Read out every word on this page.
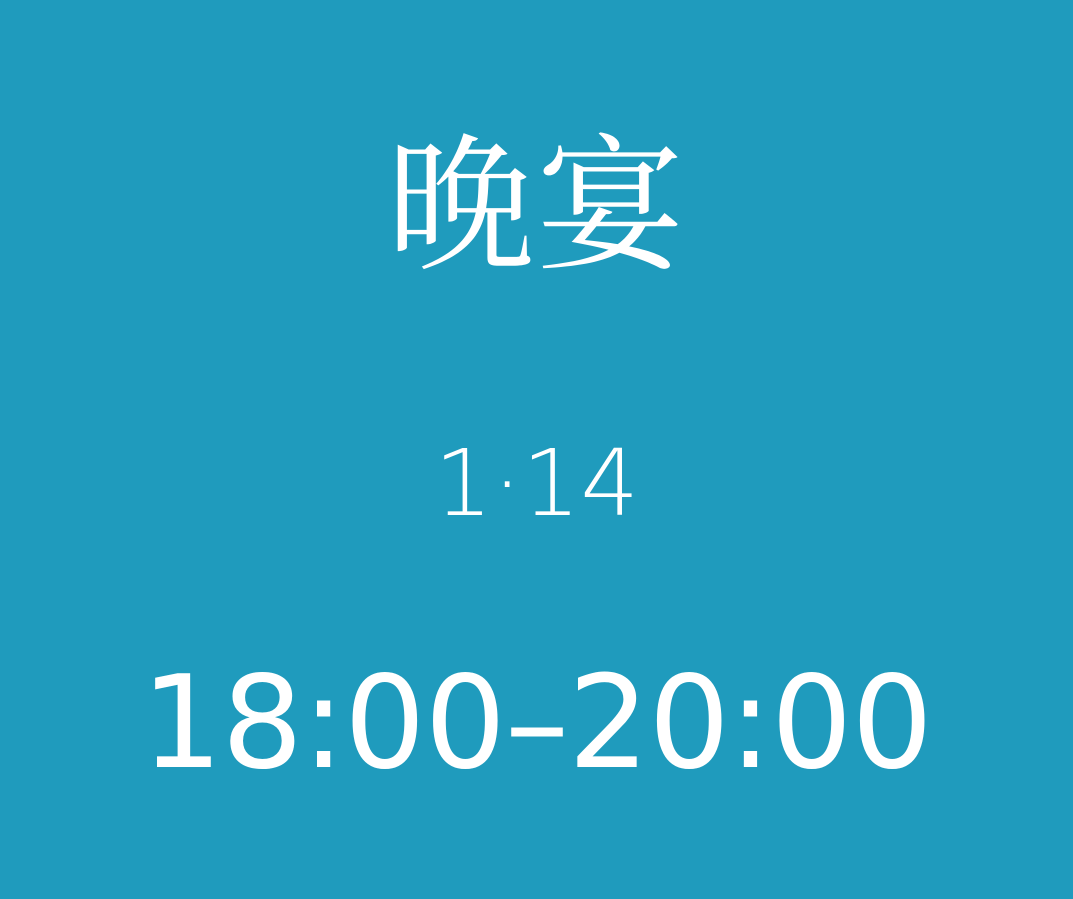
晚宴
1·14
18:00–20:00
